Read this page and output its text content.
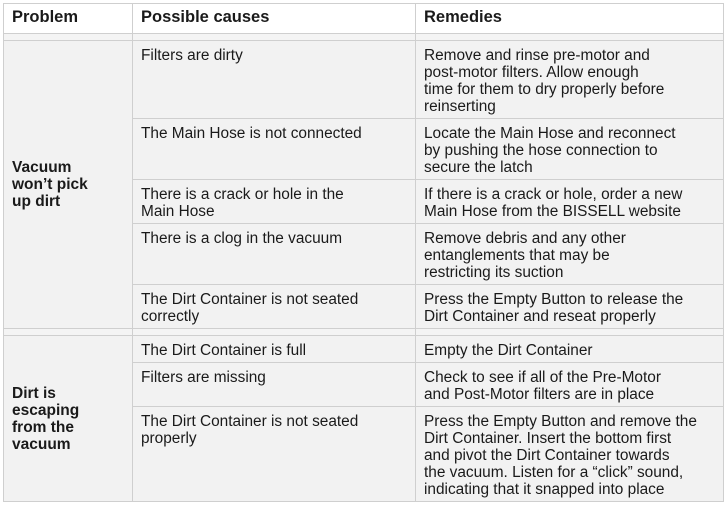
Problem	Possible causes	Remedies

Vacuum
won’t pick
up dirt	Filters are dirty	Remove and rinse pre-motor and
post-motor filters. Allow enough
time for them to dry properly before
reinserting

	The Main Hose is not connected	Locate the Main Hose and reconnect
by pushing the hose connection to
secure the latch

	There is a crack or hole in the
Main Hose	If there is a crack or hole, order a new
Main Hose from the BISSELL website

	There is a clog in the vacuum	Remove debris and any other
entanglements that may be
restricting its suction

	The Dirt Container is not seated
correctly	Press the Empty Button to release the
Dirt Container and reseat properly

Dirt is
escaping
from the
vacuum	The Dirt Container is full	Empty the Dirt Container

	Filters are missing	Check to see if all of the Pre-Motor
and Post-Motor filters are in place

	The Dirt Container is not seated
properly	Press the Empty Button and remove the
Dirt Container. Insert the bottom first
and pivot the Dirt Container towards
the vacuum. Listen for a “click” sound,
indicating that it snapped into place
